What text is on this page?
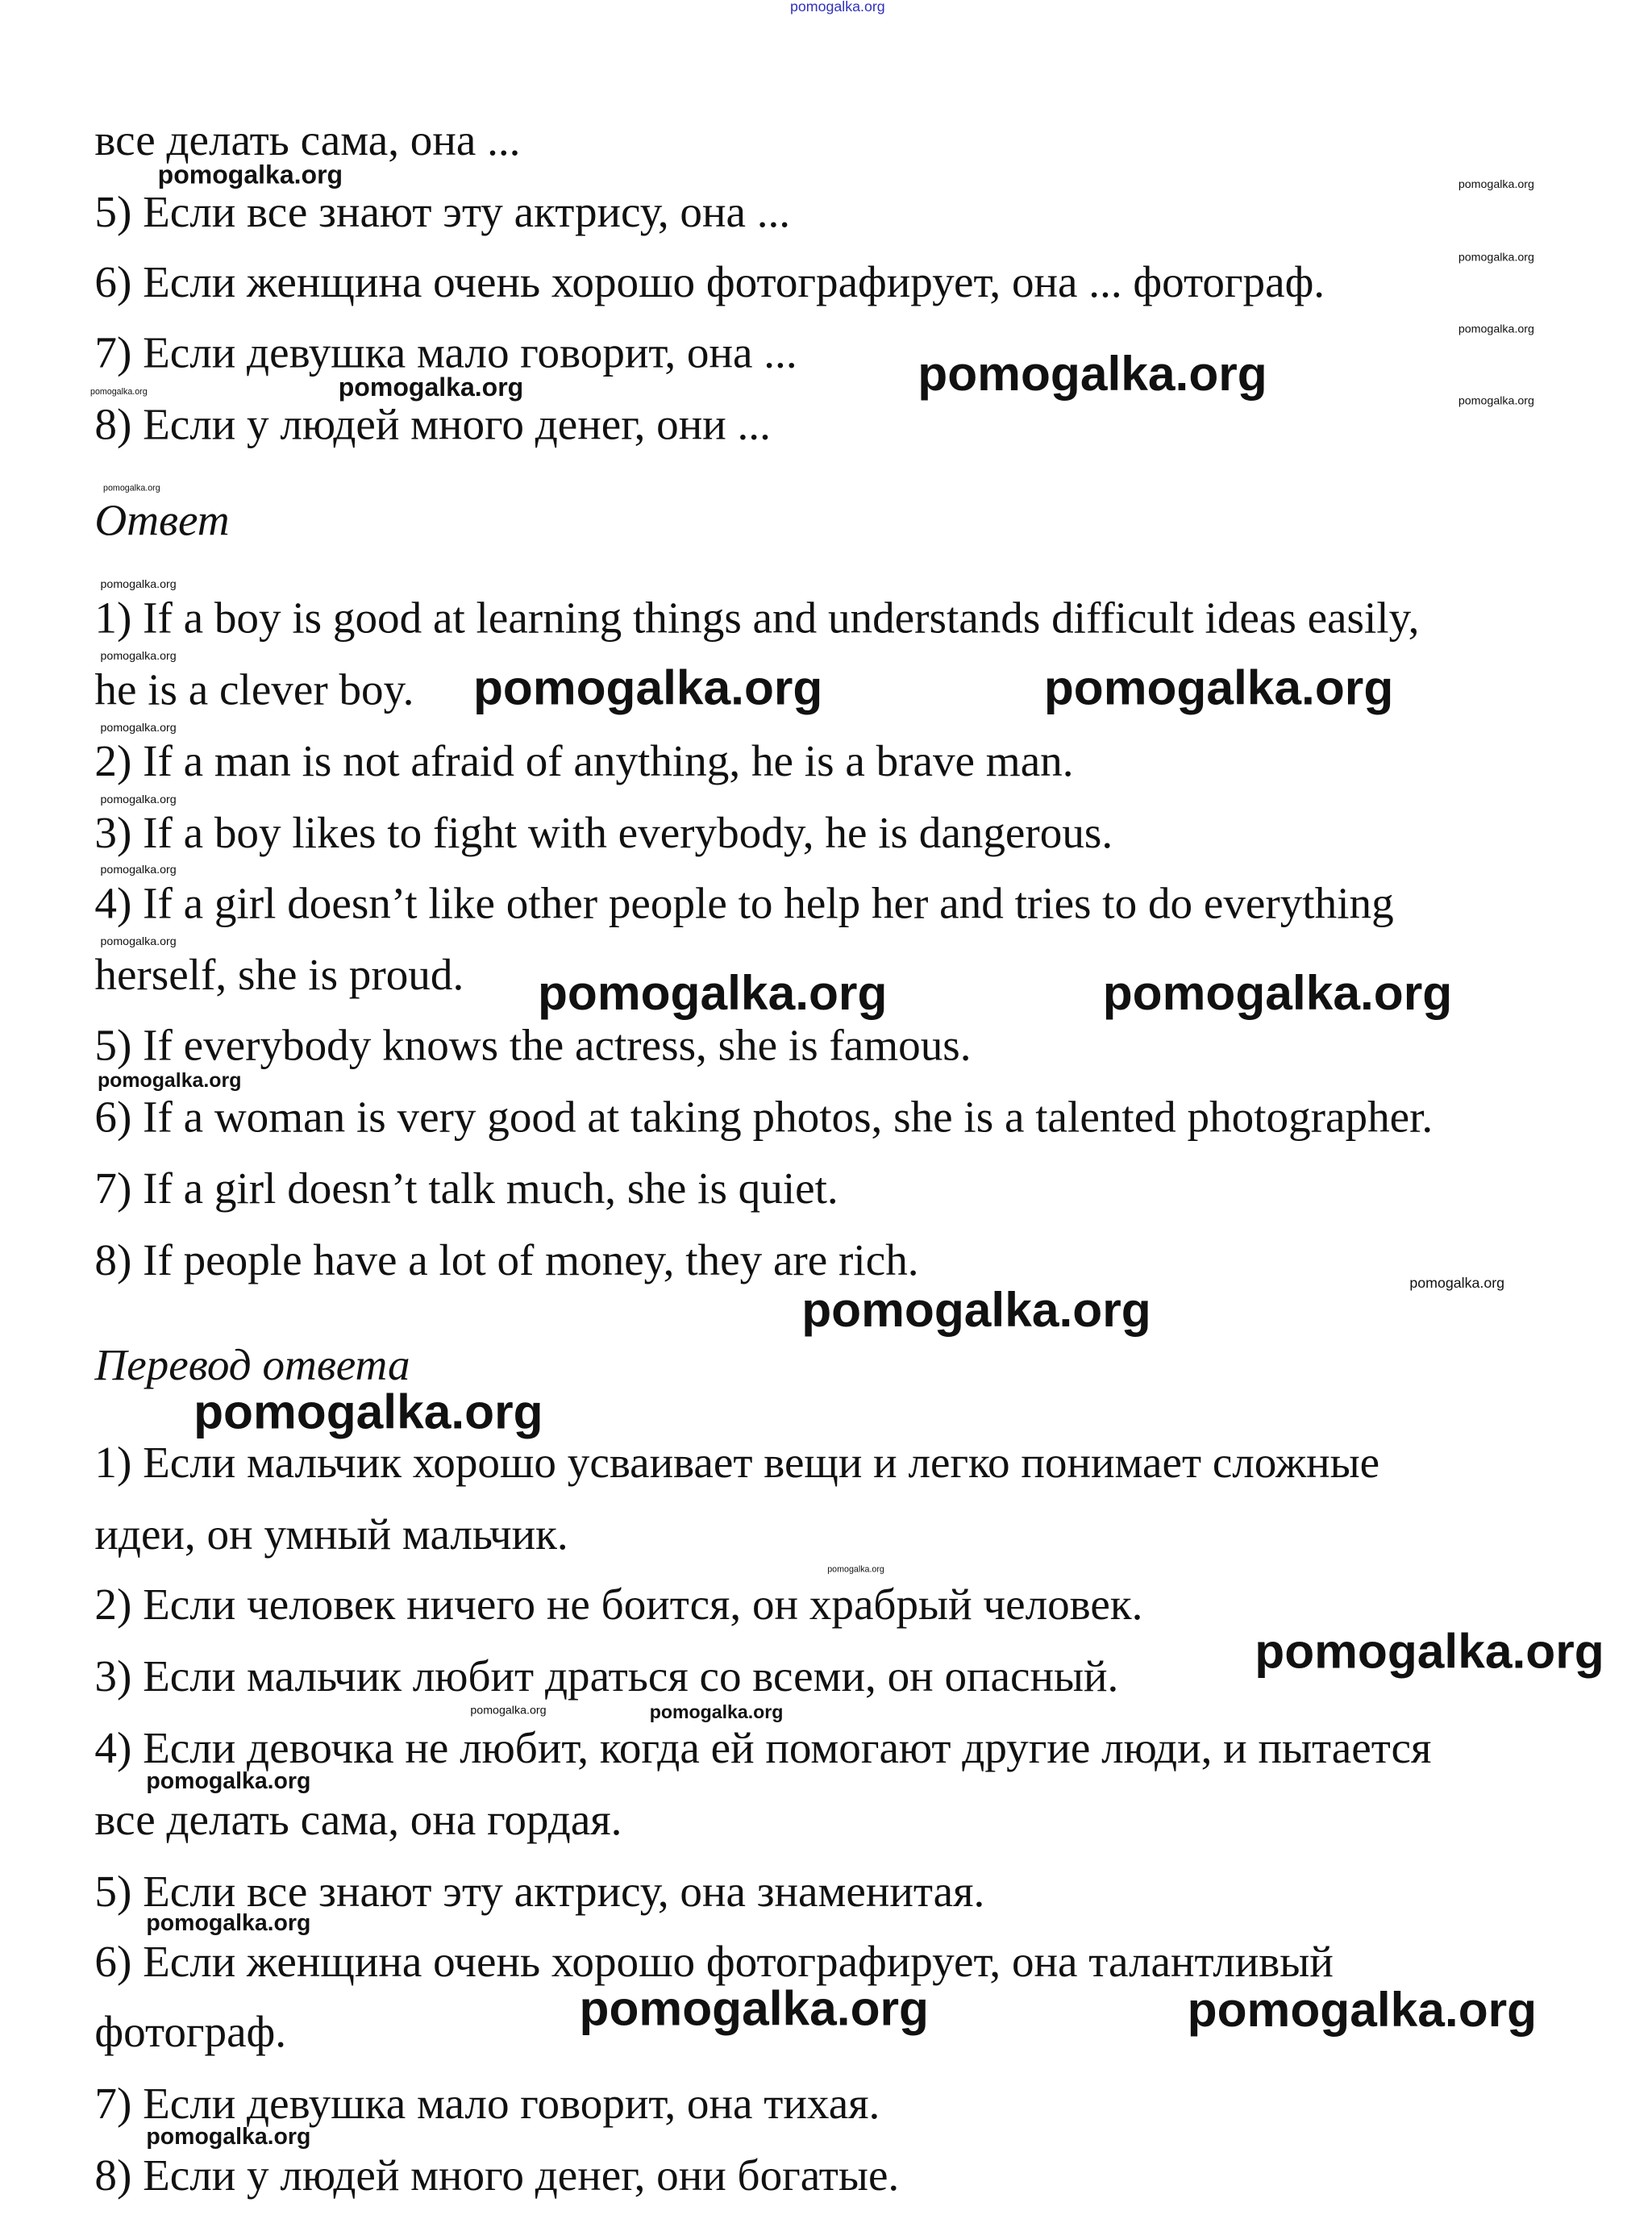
pomogalka.org
все делать сама, она ...
5) Если все знают эту актрису, она ...
6) Если женщина очень хорошо фотографирует, она ... фотограф.
7) Если девушка мало говорит, она ...
8) Если у людей много денег, они ...
Ответ
1) If a boy is good at learning things and understands difficult ideas easily,
he is a clever boy.
2) If a man is not afraid of anything, he is a brave man.
3) If a boy likes to fight with everybody, he is dangerous.
4) If a girl doesn’t like other people to help her and tries to do everything
herself, she is proud.
5) If everybody knows the actress, she is famous.
6) If a woman is very good at taking photos, she is a talented photographer.
7) If a girl doesn’t talk much, she is quiet.
8) If people have a lot of money, they are rich.
Перевод ответа
1) Если мальчик хорошо усваивает вещи и легко понимает сложные
идеи, он умный мальчик.
2) Если человек ничего не боится, он храбрый человек.
3) Если мальчик любит драться со всеми, он опасный.
4) Если девочка не любит, когда ей помогают другие люди, и пытается
все делать сама, она гордая.
5) Если все знают эту актрису, она знаменитая.
6) Если женщина очень хорошо фотографирует, она талантливый
фотограф.
7) Если девушка мало говорит, она тихая.
8) Если у людей много денег, они богатые.
pomogalka.org
pomogalka.org	pomogalka.org
pomogalka.org	pomogalka.org
pomogalka.org
pomogalka.org
pomogalka.org
pomogalka.org	pomogalka.org
pomogalka.org
pomogalka.org
pomogalka.org
pomogalka.org
pomogalka.org
pomogalka.org
pomogalka.org
pomogalka.org
pomogalka.org
pomogalka.org
pomogalka.org
pomogalka.org
pomogalka.org
pomogalka.org
pomogalka.org
pomogalka.org
pomogalka.org
pomogalka.org
pomogalka.org
pomogalka.org
pomogalka.org
pomogalka.org
